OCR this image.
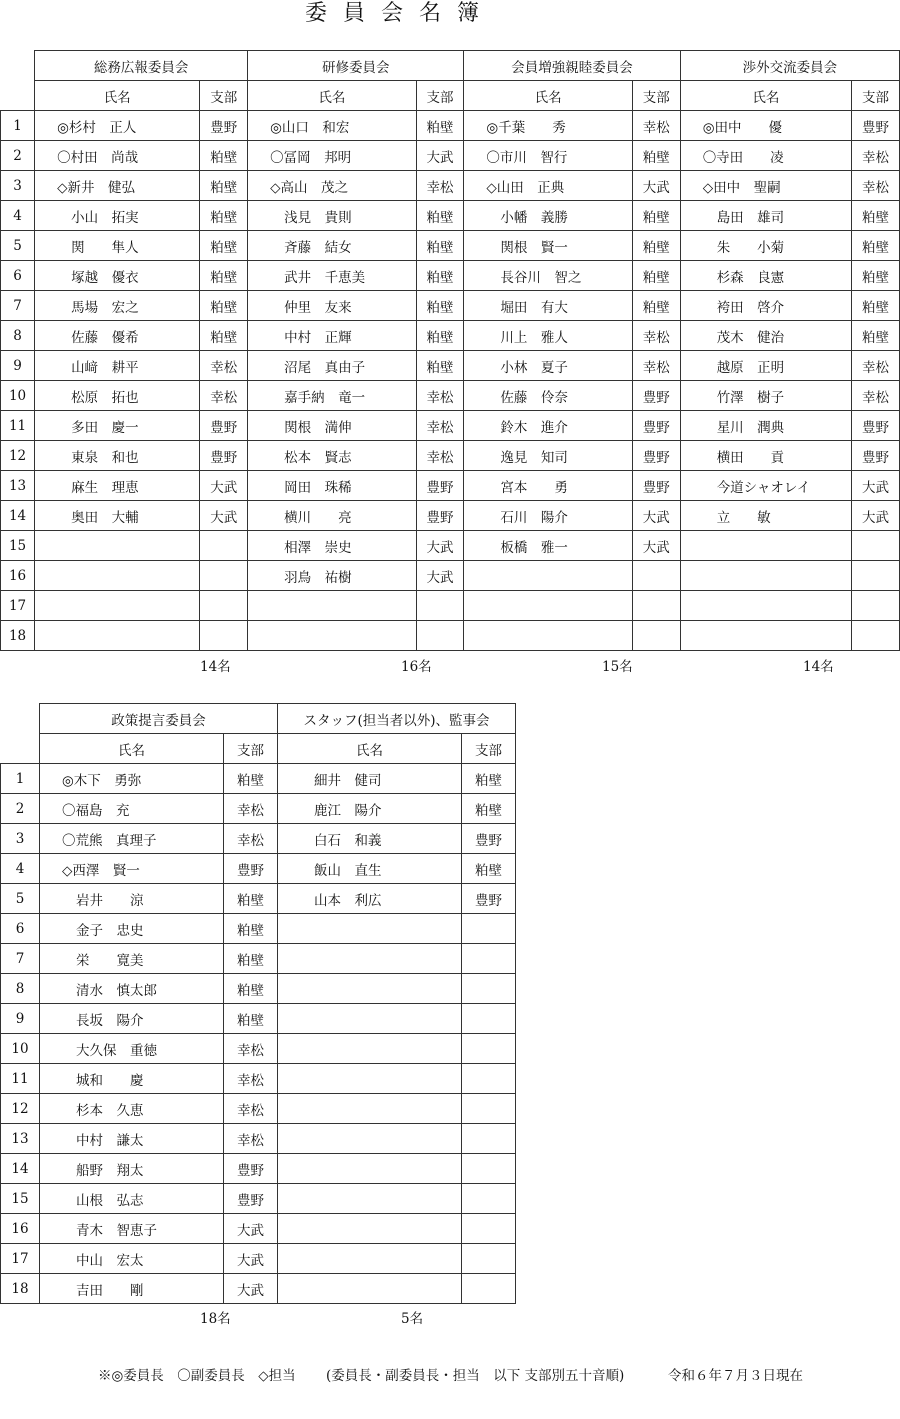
委員会名簿
	総務広報委員会		研修委員会		会員増強親睦委員会		渉外交流委員会	
	氏名	支部	氏名	支部	氏名	支部	氏名	支部
1	◎杉村　正人	豊野	◎山口　和宏	粕壁	◎千葉　　秀	幸松	◎田中　　優	豊野
2	〇村田　尚哉	粕壁	〇冨岡　邦明	大武	〇市川　智行	粕壁	〇寺田　　凌	幸松
3	◇新井　健弘	粕壁	◇高山　茂之	幸松	◇山田　正典	大武	◇田中　聖嗣	幸松
4	小山　拓実	粕壁	浅見　貴則	粕壁	小幡　義勝	粕壁	島田　雄司	粕壁
5	関　　隼人	粕壁	斉藤　結女	粕壁	関根　賢一	粕壁	朱　　小菊	粕壁
6	塚越　優衣	粕壁	武井　千恵美	粕壁	長谷川　智之	粕壁	杉森　良憲	粕壁
7	馬場　宏之	粕壁	仲里　友来	粕壁	堀田　有大	粕壁	袴田　啓介	粕壁
8	佐藤　優希	粕壁	中村　正輝	粕壁	川上　雅人	幸松	茂木　健治	粕壁
9	山﨑　耕平	幸松	沼尾　真由子	粕壁	小林　夏子	幸松	越原　正明	幸松
10	松原　拓也	幸松	嘉手納　竜一	幸松	佐藤　伶奈	豊野	竹澤　樹子	幸松
11	多田　慶一	豊野	関根　満伸	幸松	鈴木　進介	豊野	星川　潤典	豊野
12	東泉　和也	豊野	松本　賢志	幸松	逸見　知司	豊野	横田　　貢	豊野
13	麻生　理恵	大武	岡田　珠稀	豊野	宮本　　勇	豊野	今道シャオレイ	大武
14	奥田　大輔	大武	横川　　亮	豊野	石川　陽介	大武	立　　敏	大武
15			相澤　崇史	大武	板橋　雅一	大武		
16			羽鳥　祐樹	大武				
17								
18								
	政策提言委員会		スタッフ(担当者以外)、監事会	
	氏名	支部	氏名	支部
1	◎木下　勇弥	粕壁	細井　健司	粕壁
2	〇福島　充	幸松	鹿江　陽介	粕壁
3	〇荒熊　真理子	幸松	白石　和義	豊野
4	◇西澤　賢一	豊野	飯山　直生	粕壁
5	岩井　　涼	粕壁	山本　利広	豊野
6	金子　忠史	粕壁		
7	栄　　寛美	粕壁		
8	清水　慎太郎	粕壁		
9	長坂　陽介	粕壁		
10	大久保　重徳	幸松		
11	城和　　慶	幸松		
12	杉本　久恵	幸松		
13	中村　謙太	幸松		
14	船野　翔太	豊野		
15	山根　弘志	豊野		
16	青木　智恵子	大武		
17	中山　宏太	大武		
18	吉田　　剛	大武		
14名	16名	15名	14名
18名	5名
※◎委員長　〇副委員長　◇担当 (委員長・副委員長・担当　以下 支部別五十音順)	令和６年７月３日現在
